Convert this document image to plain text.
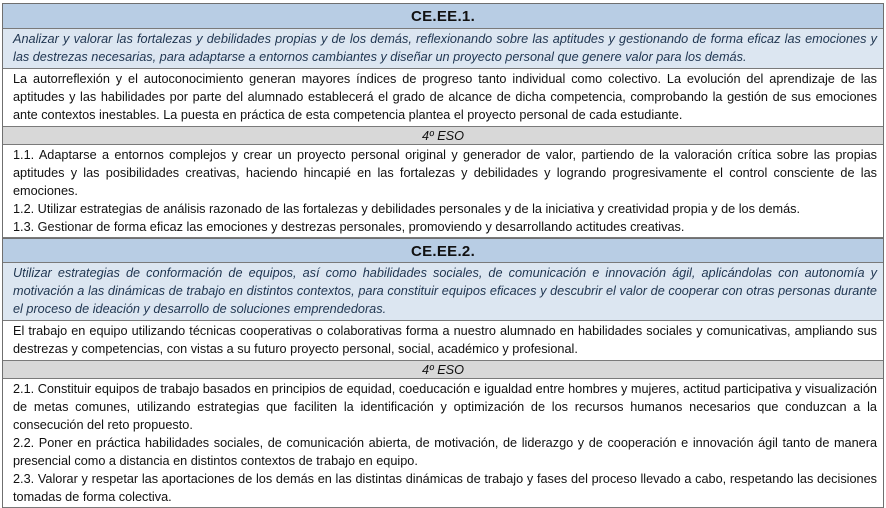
CE.EE.1.
Analizar y valorar las fortalezas y debilidades propias y de los demás, reflexionando sobre las aptitudes y gestionando de forma eficaz las emociones y las destrezas necesarias, para adaptarse a entornos cambiantes y diseñar un proyecto personal que genere valor para los demás.
La autorreflexión y el autoconocimiento generan mayores índices de progreso tanto individual como colectivo. La evolución del aprendizaje de las aptitudes y las habilidades por parte del alumnado establecerá el grado de alcance de dicha competencia, comprobando la gestión de sus emociones ante contextos inestables. La puesta en práctica de esta competencia plantea el proyecto personal de cada estudiante.
4º ESO

1.1. Adaptarse a entornos complejos y crear un proyecto personal original y generador de valor, partiendo de la valoración crítica sobre las propias aptitudes y las posibilidades creativas, haciendo hincapié en las fortalezas y debilidades y logrando progresivamente el control consciente de las emociones.

1.2. Utilizar estrategias de análisis razonado de las fortalezas y debilidades personales y de la iniciativa y creatividad propia y de los demás.

1.3. Gestionar de forma eficaz las emociones y destrezas personales, promoviendo y desarrollando actitudes creativas.

CE.EE.2.
Utilizar estrategias de conformación de equipos, así como habilidades sociales, de comunicación e innovación ágil, aplicándolas con autonomía y motivación a las dinámicas de trabajo en distintos contextos, para constituir equipos eficaces y descubrir el valor de cooperar con otras personas durante el proceso de ideación y desarrollo de soluciones emprendedoras.
El trabajo en equipo utilizando técnicas cooperativas o colaborativas forma a nuestro alumnado en habilidades sociales y comunicativas, ampliando sus destrezas y competencias, con vistas a su futuro proyecto personal, social, académico y profesional.
4º ESO

2.1. Constituir equipos de trabajo basados en principios de equidad, coeducación e igualdad entre hombres y mujeres, actitud participativa y visualización de metas comunes, utilizando estrategias que faciliten la identificación y optimización de los recursos humanos necesarios que conduzcan a la consecución del reto propuesto.

2.2. Poner en práctica habilidades sociales, de comunicación abierta, de motivación, de liderazgo y de cooperación e innovación ágil tanto de manera presencial como a distancia en distintos contextos de trabajo en equipo.

2.3. Valorar y respetar las aportaciones de los demás en las distintas dinámicas de trabajo y fases del proceso llevado a cabo, respetando las decisiones tomadas de forma colectiva.
